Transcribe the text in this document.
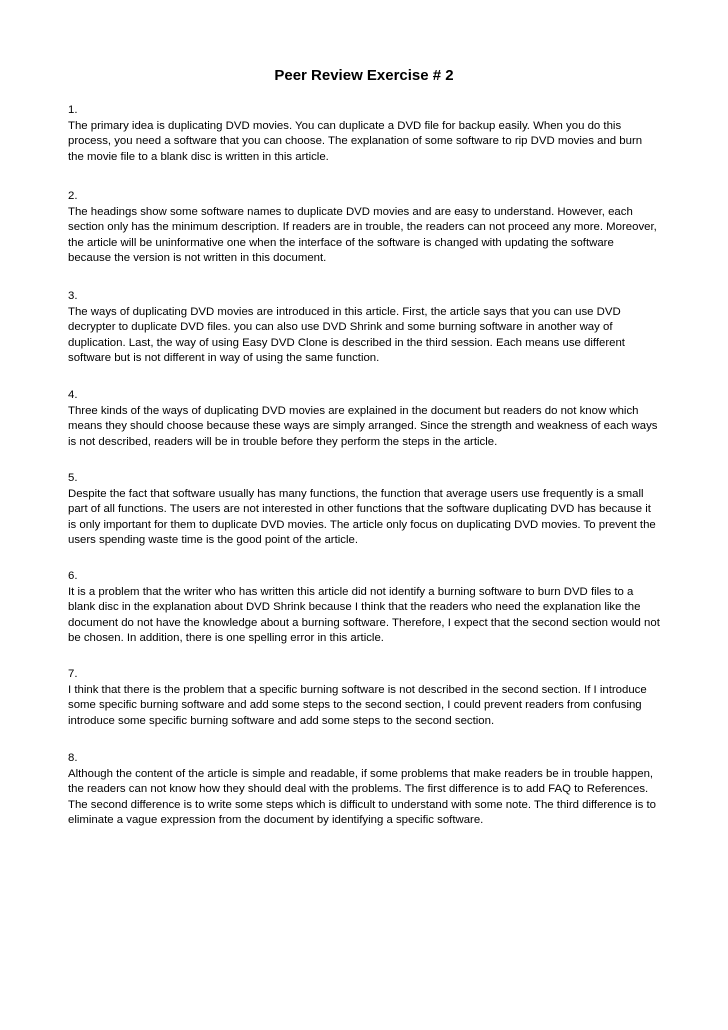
Peer Review Exercise # 2
1.
The primary idea is duplicating DVD movies. You can duplicate a DVD file for backup easily. When you do this process, you need a software that you can choose. The explanation of some software to rip DVD movies and burn the movie file to a blank disc is written in this article.
2.
The headings show some software names to duplicate DVD movies and are easy to understand. However, each section only has the minimum description. If readers are in trouble, the readers can not proceed any more. Moreover, the article will be uninformative one when the interface of the software is changed with updating the software because the version is not written in this document.
3.
The ways of duplicating DVD movies are introduced in this article. First, the article says that you can use DVD decrypter to duplicate DVD files. you can also use DVD Shrink and some burning software in another way of duplication. Last, the way of using Easy DVD Clone is described in the third session. Each means use different software but is not different in way of using the same function.
4.
Three kinds of the ways of duplicating DVD movies are explained in the document but readers do not know which means they should choose because these ways are simply arranged. Since the strength and weakness of each ways is not described, readers will be in trouble before they perform the steps in the article.
5.
Despite the fact that software usually has many functions, the function that average users use frequently is a small part of all functions. The users are not interested in other functions that the software duplicating DVD has because it is only important for them to duplicate DVD movies. The article only focus on duplicating DVD movies. To prevent the users spending waste time is the good point of the article.
6.
It is a problem that the writer who has written this article did not identify a burning software to burn DVD files to a blank disc in the explanation about DVD Shrink because I think that the readers who need the explanation like the document do not have the knowledge about a burning software. Therefore, I expect that the second section would not be chosen. In addition, there is one spelling error in this article.
7.
I think that there is the problem that a specific burning software is not described in the second section. If I introduce some specific burning software and add some steps to the second section, I could prevent readers from confusing introduce some specific burning software and add some steps to the second section.
8.
Although the content of the article is simple and readable, if some problems that make readers be in trouble happen, the readers can not know how they should deal with the problems. The first difference is to add FAQ to References. The second difference is to write some steps which is difficult to understand with some note. The third difference is to eliminate a vague expression from the document by identifying a specific software.
